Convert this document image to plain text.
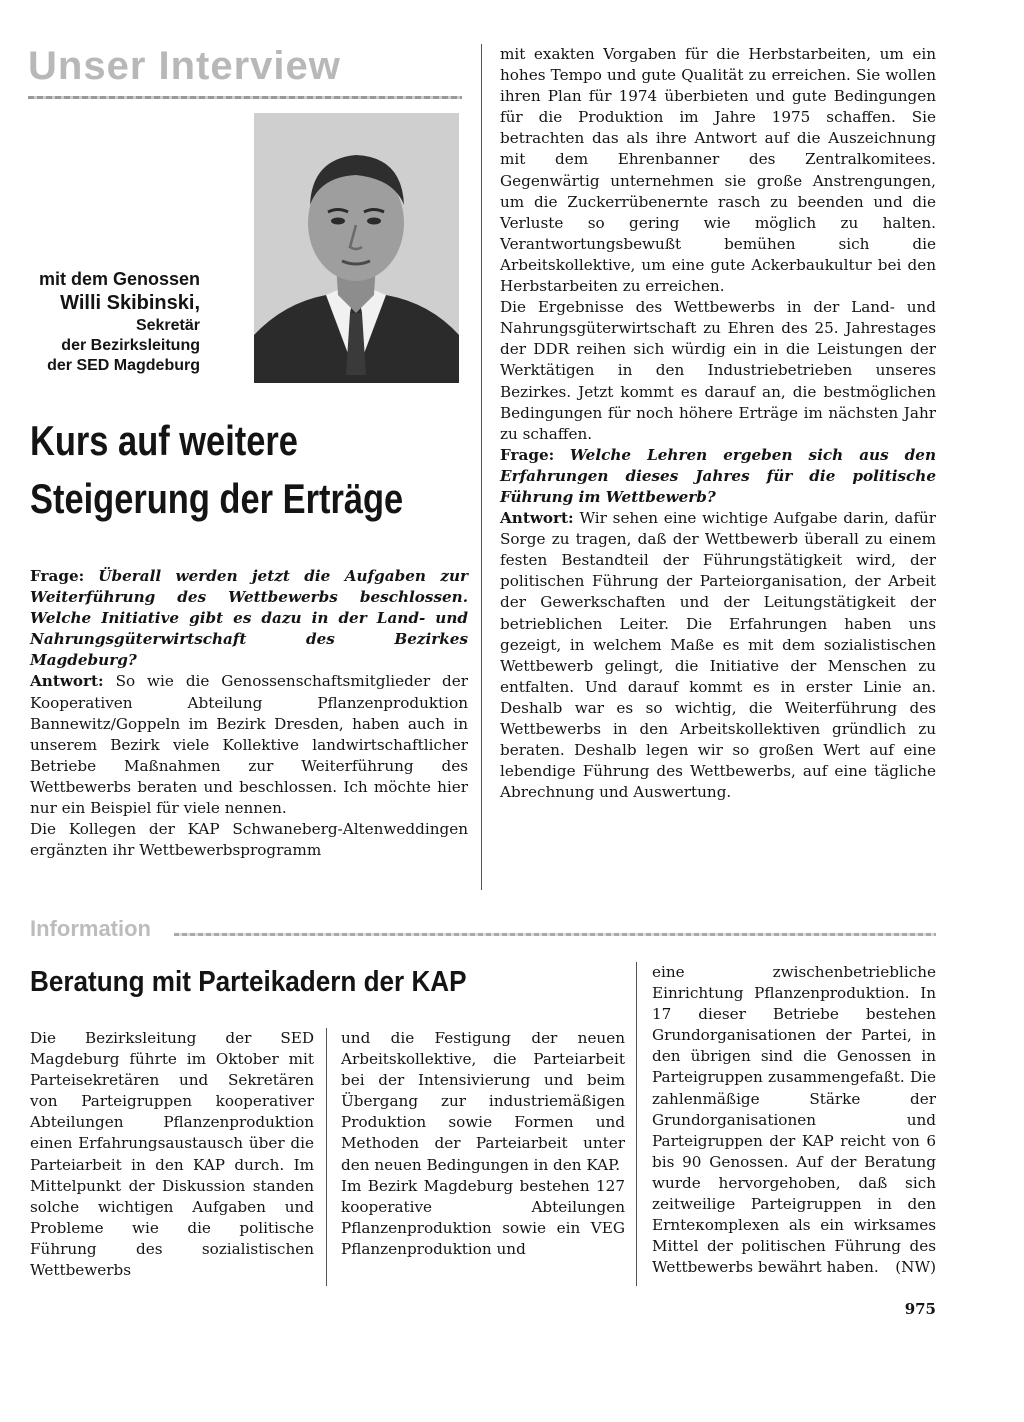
Unser Interview
mit dem Genossen
Willi Skibinski,
Sekretär
der Bezirksleitung
der SED Magdeburg
Kurs auf weitere
Steigerung der Erträge

Frage: Überall werden jetzt die Aufgaben zur Weiterführung des Wettbewerbs beschlossen. Welche Initiative gibt es dazu in der Land- und Nahrungsgüterwirtschaft des Bezirkes Magdeburg?

Antwort: So wie die Genossenschaftsmitglieder der Kooperativen Abteilung Pflanzenproduktion Bannewitz/Goppeln im Bezirk Dresden, haben auch in unserem Bezirk viele Kollektive landwirtschaftlicher Betriebe Maßnahmen zur Weiterführung des Wettbewerbs beraten und beschlossen. Ich möchte hier nur ein Beispiel für viele nennen.

Die Kollegen der KAP Schwaneberg-Altenweddingen ergänzten ihr Wettbewerbsprogramm

mit exakten Vorgaben für die Herbstarbeiten, um ein hohes Tempo und gute Qualität zu erreichen. Sie wollen ihren Plan für 1974 überbieten und gute Bedingungen für die Produktion im Jahre 1975 schaffen. Sie betrachten das als ihre Antwort auf die Auszeichnung mit dem Ehrenbanner des Zentralkomitees. Gegenwärtig unternehmen sie große Anstrengungen, um die Zuckerrübenernte rasch zu beenden und die Verluste so gering wie möglich zu halten. Verantwortungsbewußt bemühen sich die Arbeitskollektive, um eine gute Ackerbaukultur bei den Herbstarbeiten zu erreichen.

Die Ergebnisse des Wettbewerbs in der Land- und Nahrungsgüterwirtschaft zu Ehren des 25. Jahrestages der DDR reihen sich würdig ein in die Leistungen der Werktätigen in den Industriebetrieben unseres Bezirkes. Jetzt kommt es darauf an, die bestmöglichen Bedingungen für noch höhere Erträge im nächsten Jahr zu schaffen.

Frage: Welche Lehren ergeben sich aus den Erfahrungen dieses Jahres für die politische Führung im Wettbewerb?

Antwort: Wir sehen eine wichtige Aufgabe darin, dafür Sorge zu tragen, daß der Wettbewerb überall zu einem festen Bestandteil der Führungstätigkeit wird, der politischen Führung der Parteiorganisation, der Arbeit der Gewerkschaften und der Leitungstätigkeit der betrieblichen Leiter. Die Erfahrungen haben uns gezeigt, in welchem Maße es mit dem sozialistischen Wettbewerb gelingt, die Initiative der Menschen zu entfalten. Und darauf kommt es in erster Linie an. Deshalb war es so wichtig, die Weiterführung des Wettbewerbs in den Arbeitskollektiven gründlich zu beraten. Deshalb legen wir so großen Wert auf eine lebendige Führung des Wettbewerbs, auf eine tägliche Abrechnung und Auswertung.

Information
Beratung mit Parteikadern der KAP

Die Bezirksleitung der SED Magdeburg führte im Oktober mit Parteisekretären und Sekretären von Parteigruppen kooperativer Abteilungen Pflanzenproduktion einen Erfahrungsaustausch über die Parteiarbeit in den KAP durch. Im Mittelpunkt der Diskussion standen solche wichtigen Aufgaben und Probleme wie die politische Führung des sozialistischen Wettbewerbs

und die Festigung der neuen Arbeitskollektive, die Parteiarbeit bei der Intensivierung und beim Übergang zur industriemäßigen Produktion sowie Formen und Methoden der Parteiarbeit unter den neuen Bedingungen in den KAP.

Im Bezirk Magdeburg bestehen 127 kooperative Abteilungen Pflanzenproduktion sowie ein VEG Pflanzenproduktion und

eine zwischenbetriebliche Einrichtung Pflanzenproduktion. In 17 dieser Betriebe bestehen Grundorganisationen der Partei, in den übrigen sind die Genossen in Parteigruppen zusammengefaßt. Die zahlenmäßige Stärke der Grundorganisationen und Parteigruppen der KAP reicht von 6 bis 90 Genossen. Auf der Beratung wurde hervorgehoben, daß sich zeitweilige Parteigruppen in den Ernteкomplexen als ein wirksames Mittel der politischen Führung des Wettbewerbs bewährt haben. (NW)

975
